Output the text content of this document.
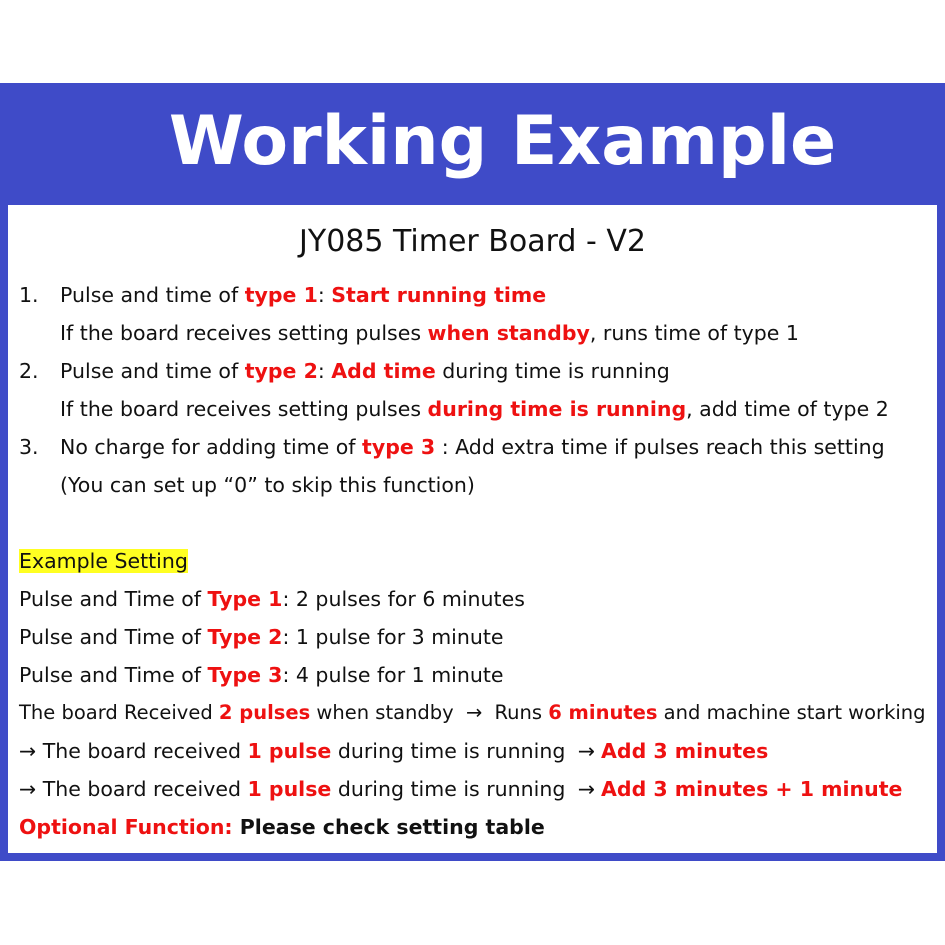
Working Example
JY085 Timer Board - V2
1. Pulse and time of type 1: Start running time
If the board receives setting pulses when standby, runs time of type 1
2. Pulse and time of type 2: Add time during time is running
If the board receives setting pulses during time is running, add time of type 2
3. No charge for adding time of type 3 : Add extra time if pulses reach this setting
(You can set up “0” to skip this function)
Example Setting
Pulse and Time of Type 1: 2 pulses for 6 minutes
Pulse and Time of Type 2: 1 pulse for 3 minute
Pulse and Time of Type 3: 4 pulse for 1 minute
The board Received 2 pulses when standby → Runs 6 minutes and machine start working
→ The board received 1 pulse during time is running → Add 3 minutes
→ The board received 1 pulse during time is running → Add 3 minutes + 1 minute
Optional Function: Please check setting table
